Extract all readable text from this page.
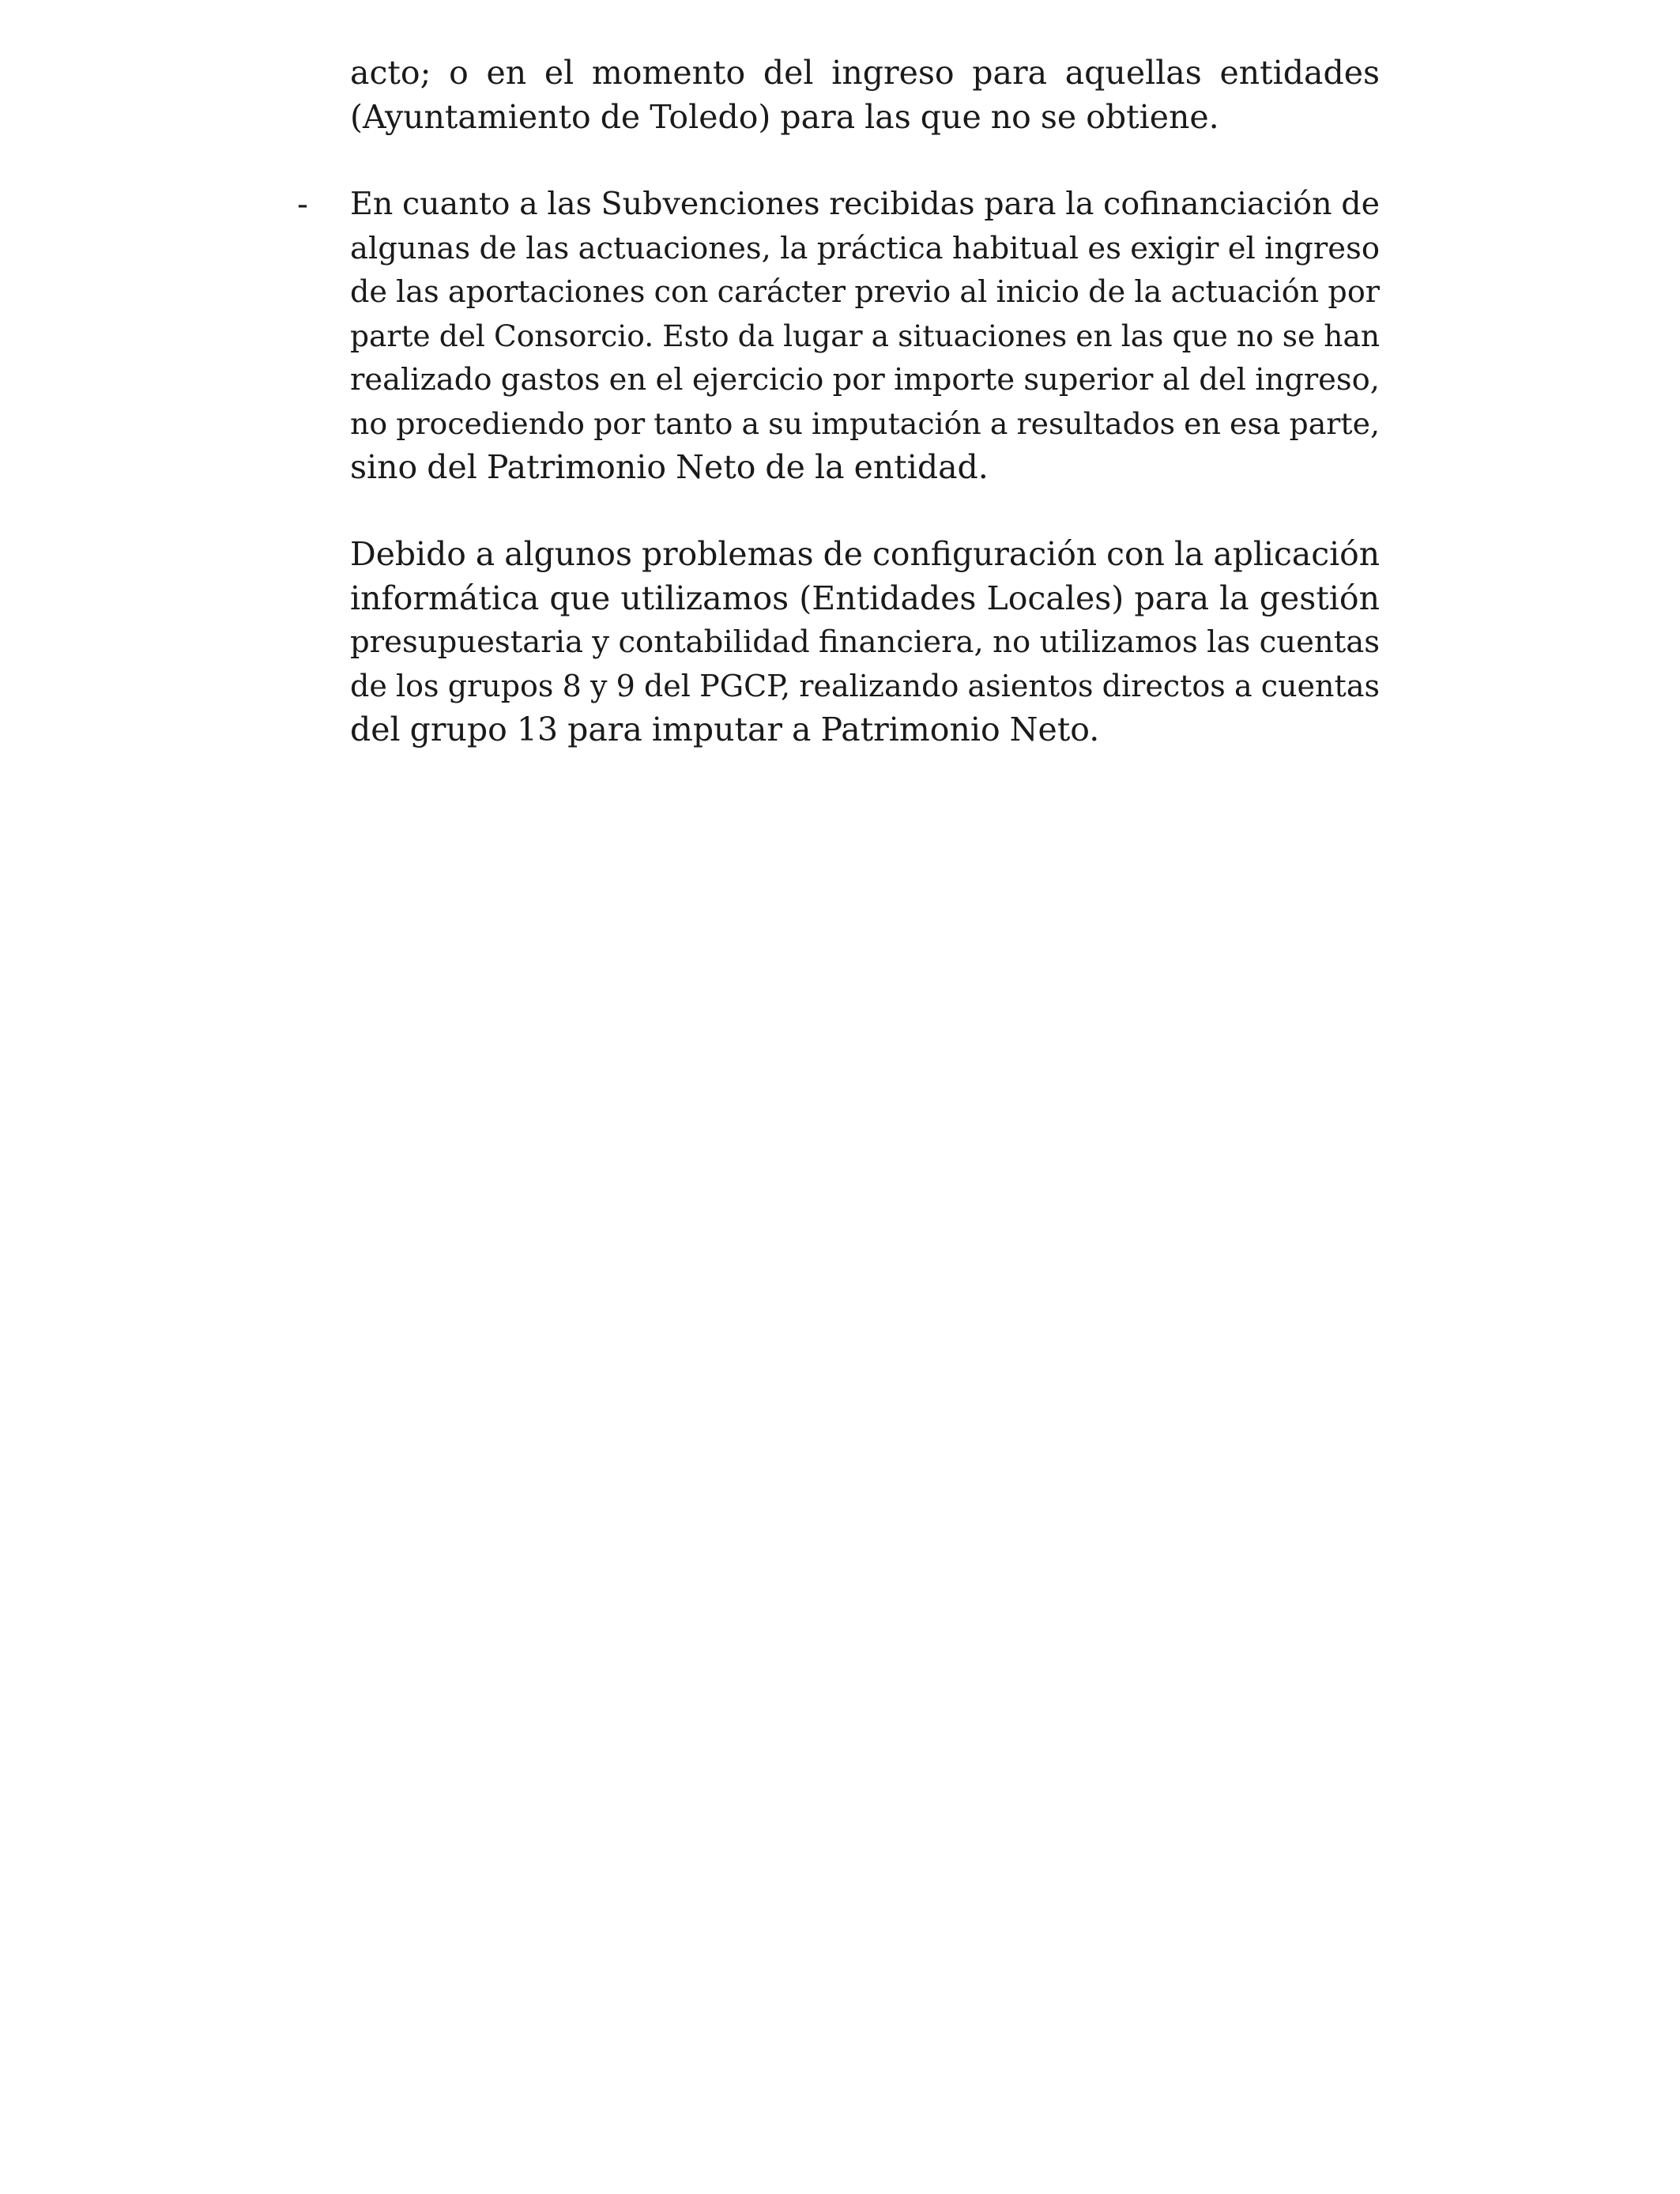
acto; o en el momento del ingreso para aquellas entidades
(Ayuntamiento de Toledo) para las que no se obtiene.
- En cuanto a las Subvenciones recibidas para la cofinanciación de
algunas de las actuaciones, la práctica habitual es exigir el ingreso
de las aportaciones con carácter previo al inicio de la actuación por
parte del Consorcio. Esto da lugar a situaciones en las que no se han
realizado gastos en el ejercicio por importe superior al del ingreso,
no procediendo por tanto a su imputación a resultados en esa parte,
sino del Patrimonio Neto de la entidad.
Debido a algunos problemas de configuración con la aplicación
informática que utilizamos (Entidades Locales) para la gestión
presupuestaria y contabilidad financiera, no utilizamos las cuentas
de los grupos 8 y 9 del PGCP, realizando asientos directos a cuentas
del grupo 13 para imputar a Patrimonio Neto.
